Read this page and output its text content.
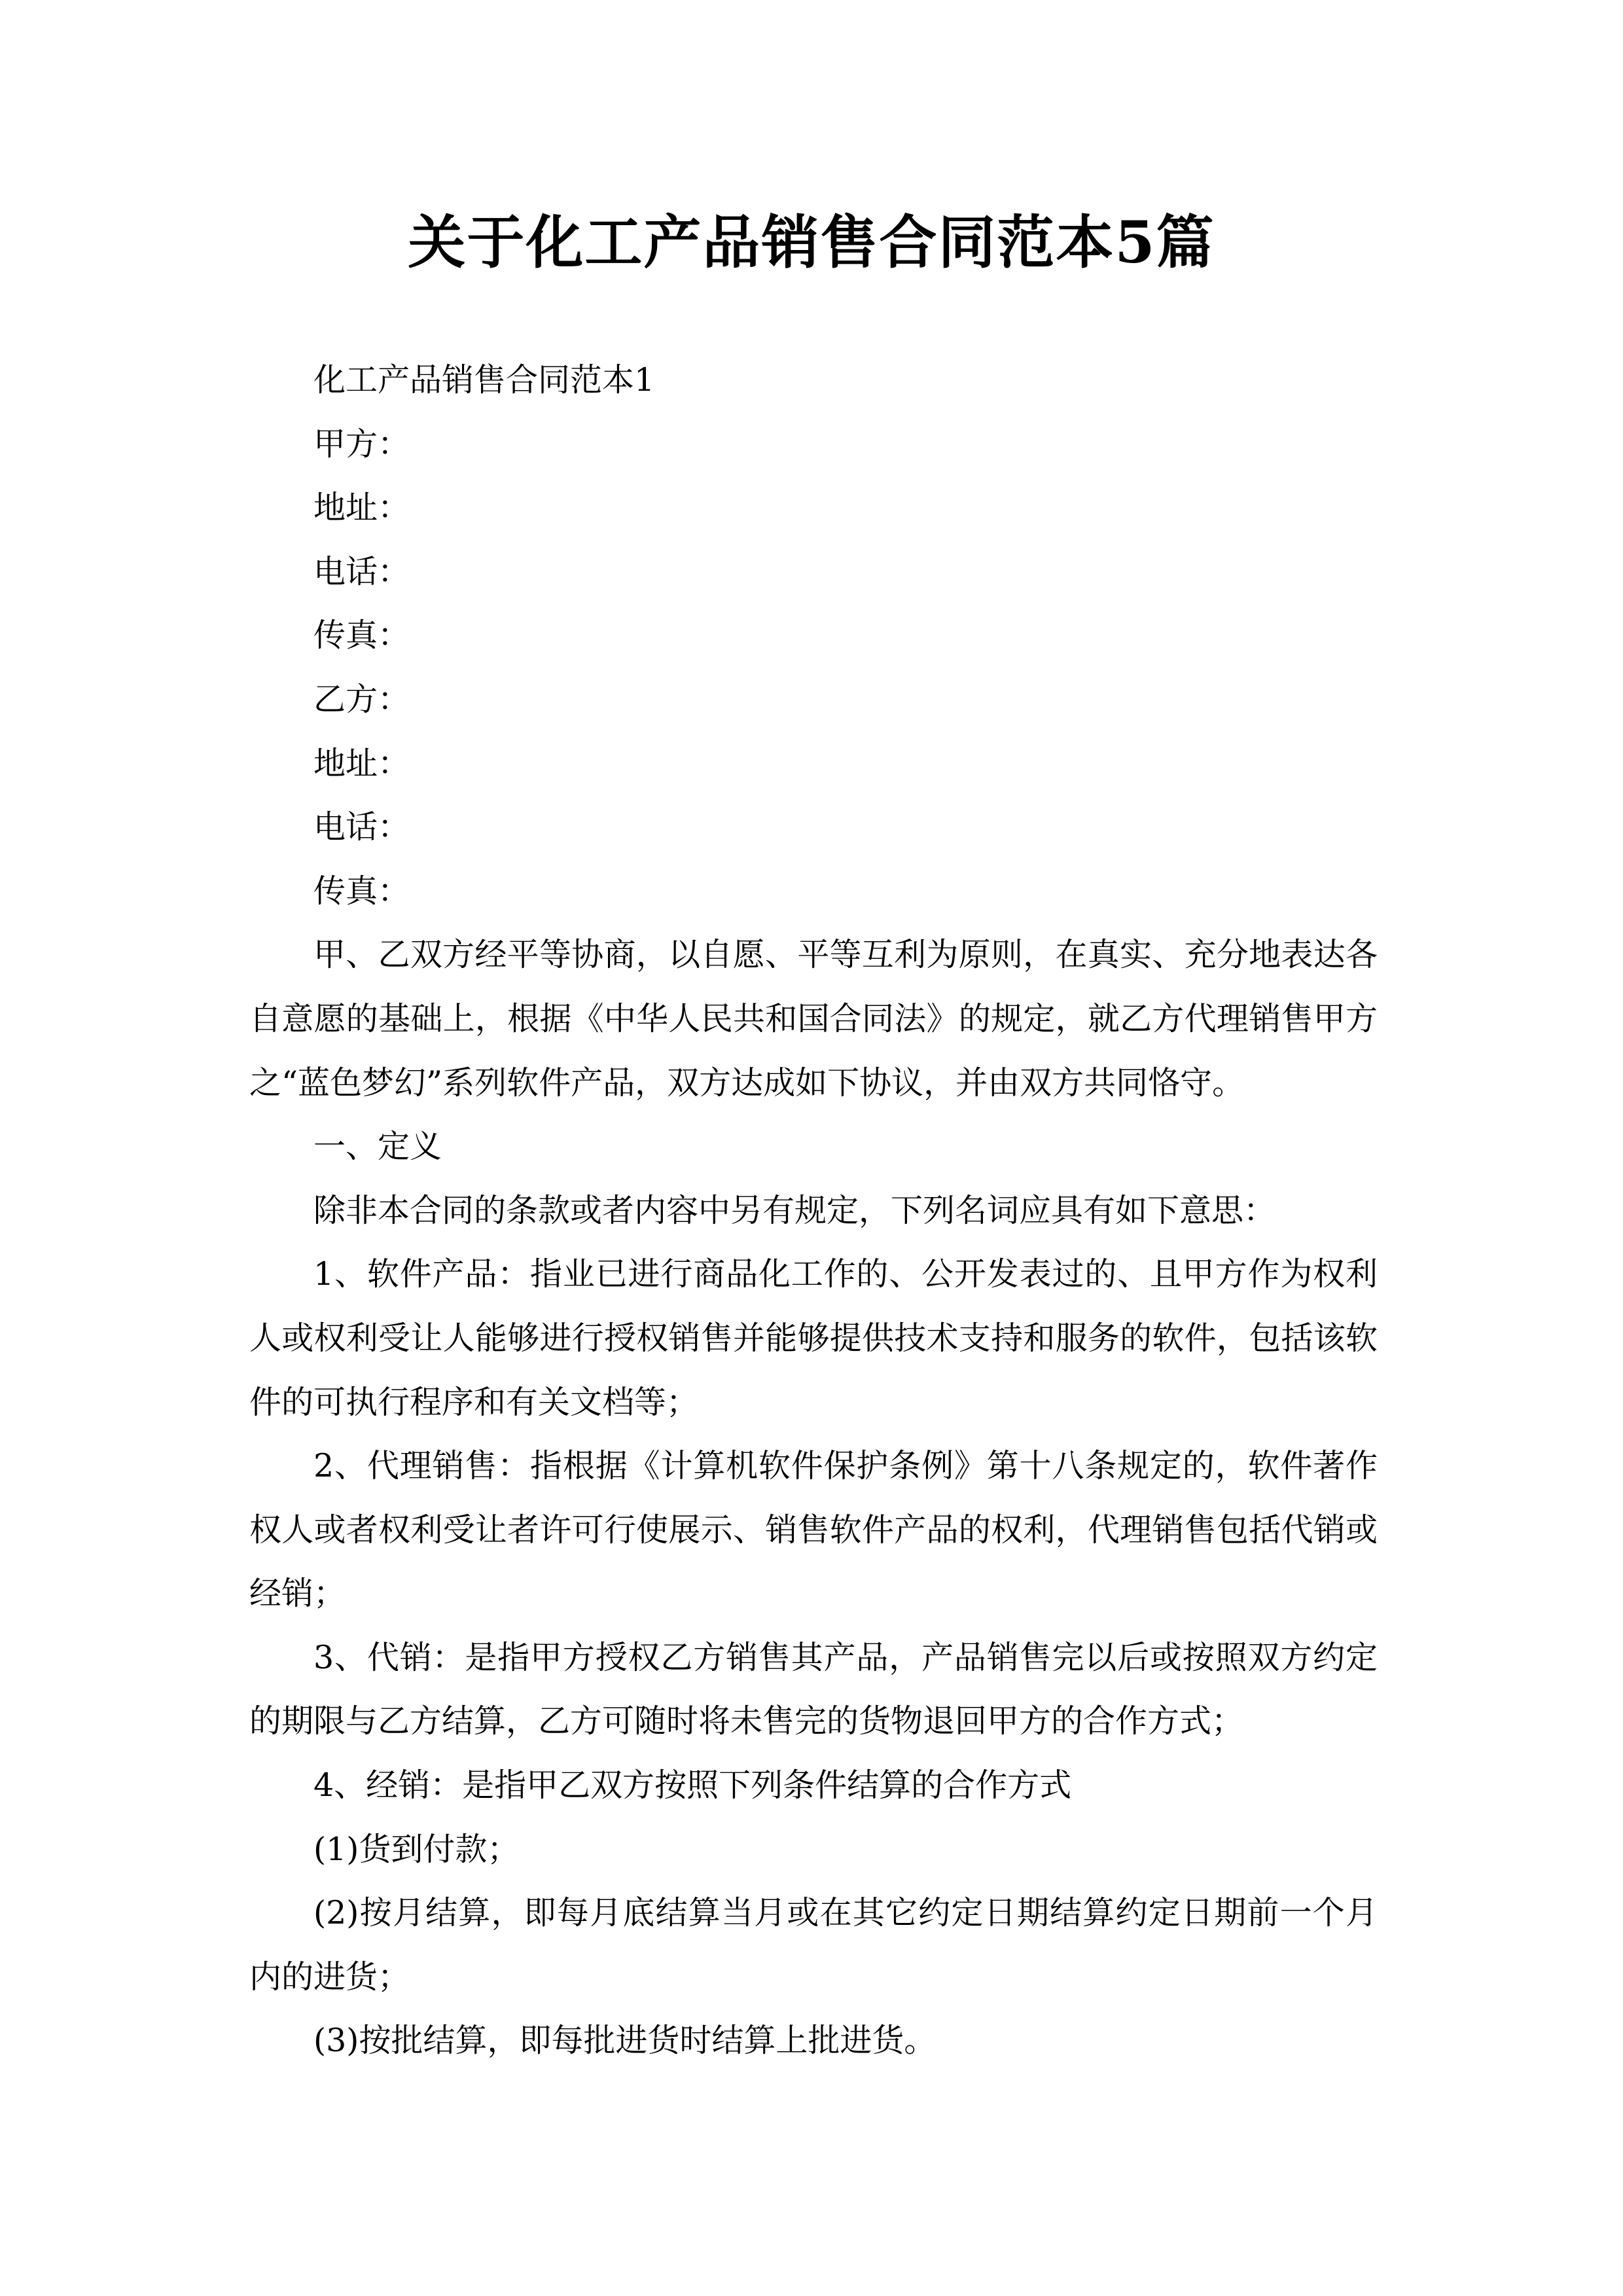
关于化工产品销售合同范本5篇

化工产品销售合同范本1

甲方：

地址：

电话：

传真：

乙方：

地址：

电话：

传真：

甲、乙双方经平等协商，以自愿、平等互利为原则，在真实、充分地表达各自意愿的基础上，根据《中华人民共和国合同法》的规定，就乙方代理销售甲方之“蓝色梦幻”系列软件产品，双方达成如下协议，并由双方共同恪守。

一、定义

除非本合同的条款或者内容中另有规定，下列名词应具有如下意思：

1、软件产品：指业已进行商品化工作的、公开发表过的、且甲方作为权利人或权利受让人能够进行授权销售并能够提供技术支持和服务的软件，包括该软件的可执行程序和有关文档等；

2、代理销售：指根据《计算机软件保护条例》第十八条规定的，软件著作权人或者权利受让者许可行使展示、销售软件产品的权利，代理销售包括代销或经销；

3、代销：是指甲方授权乙方销售其产品，产品销售完以后或按照双方约定的期限与乙方结算，乙方可随时将未售完的货物退回甲方的合作方式；

4、经销：是指甲乙双方按照下列条件结算的合作方式

(1)货到付款；

(2)按月结算，即每月底结算当月或在其它约定日期结算约定日期前一个月内的进货；

(3)按批结算，即每批进货时结算上批进货。
